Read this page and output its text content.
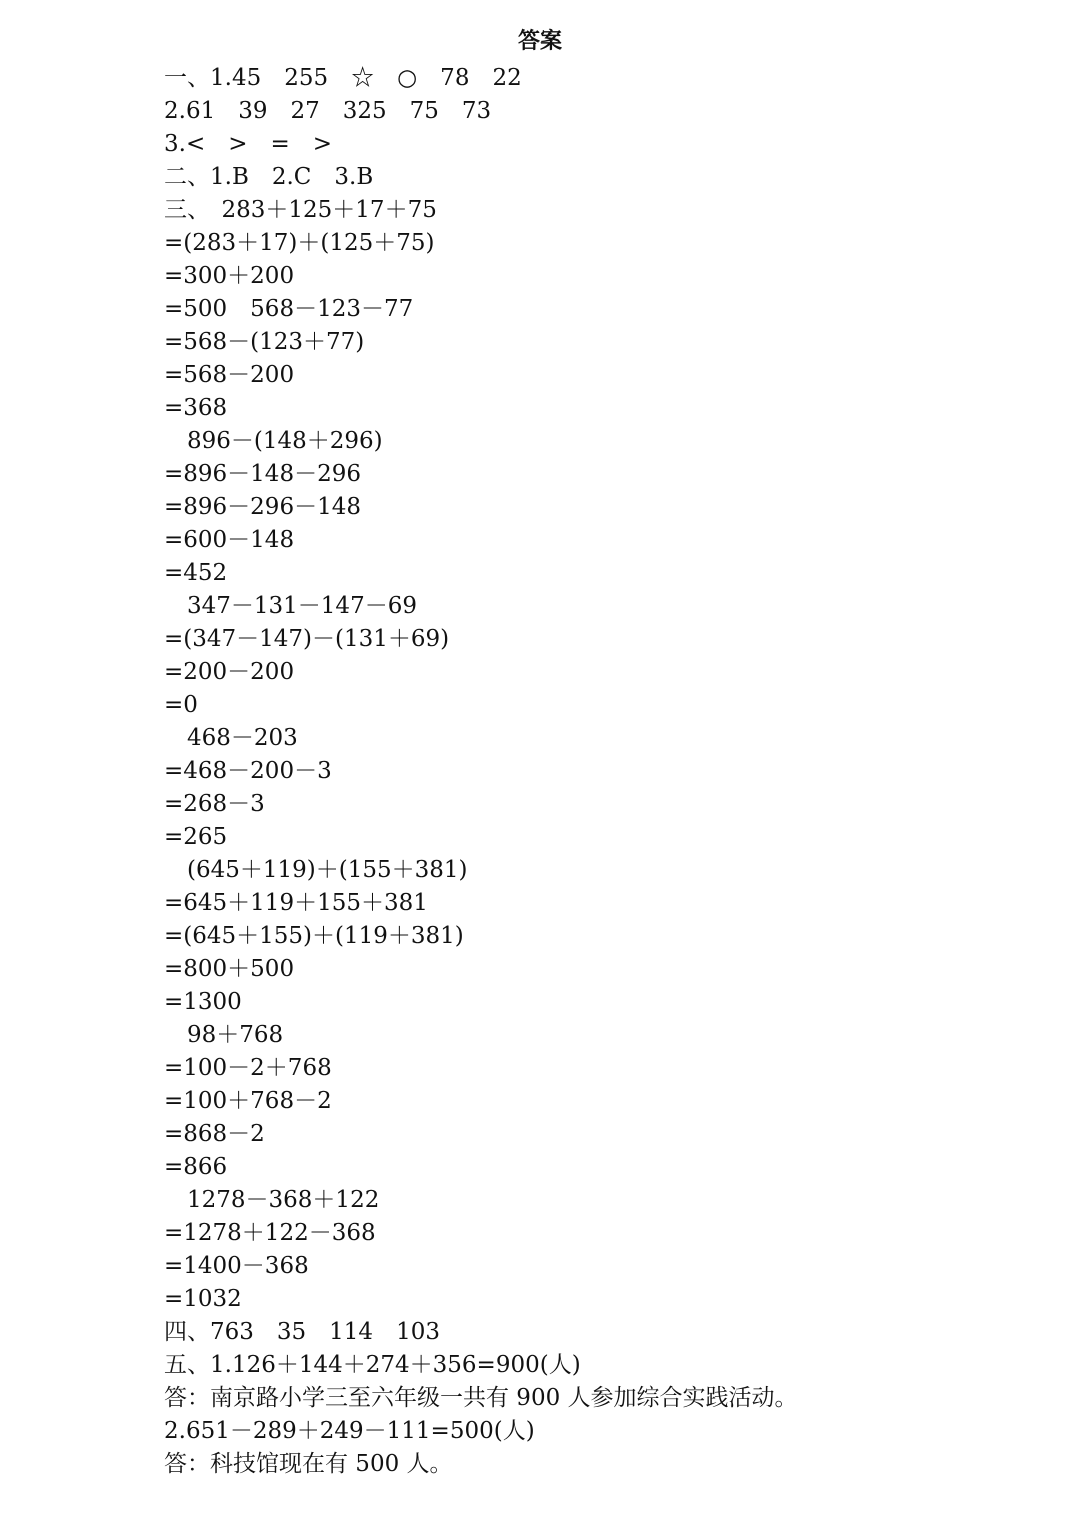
答案
一、1.45　255　☆　○　78　22
2.61　39　27　325　75　73
3.<　>　=　>
二、1.B　2.C　3.B
三、　283＋125＋17＋75
=(283＋17)＋(125＋75)
=300＋200
=500　568－123－77
=568－(123＋77)
=568－200
=368
　896－(148＋296)
=896－148－296
=896－296－148
=600－148
=452
　347－131－147－69
=(347－147)－(131＋69)
=200－200
=0
　468－203
=468－200－3
=268－3
=265
　(645＋119)＋(155＋381)
=645＋119＋155＋381
=(645＋155)＋(119＋381)
=800＋500
=1300
　98＋768
=100－2＋768
=100＋768－2
=868－2
=866
　1278－368＋122
=1278＋122－368
=1400－368
=1032
四、763　35　114　103
五、1.126＋144＋274＋356=900(人)
答：南京路小学三至六年级一共有 900 人参加综合实践活动。
2.651－289＋249－111=500(人)
答：科技馆现在有 500 人。
